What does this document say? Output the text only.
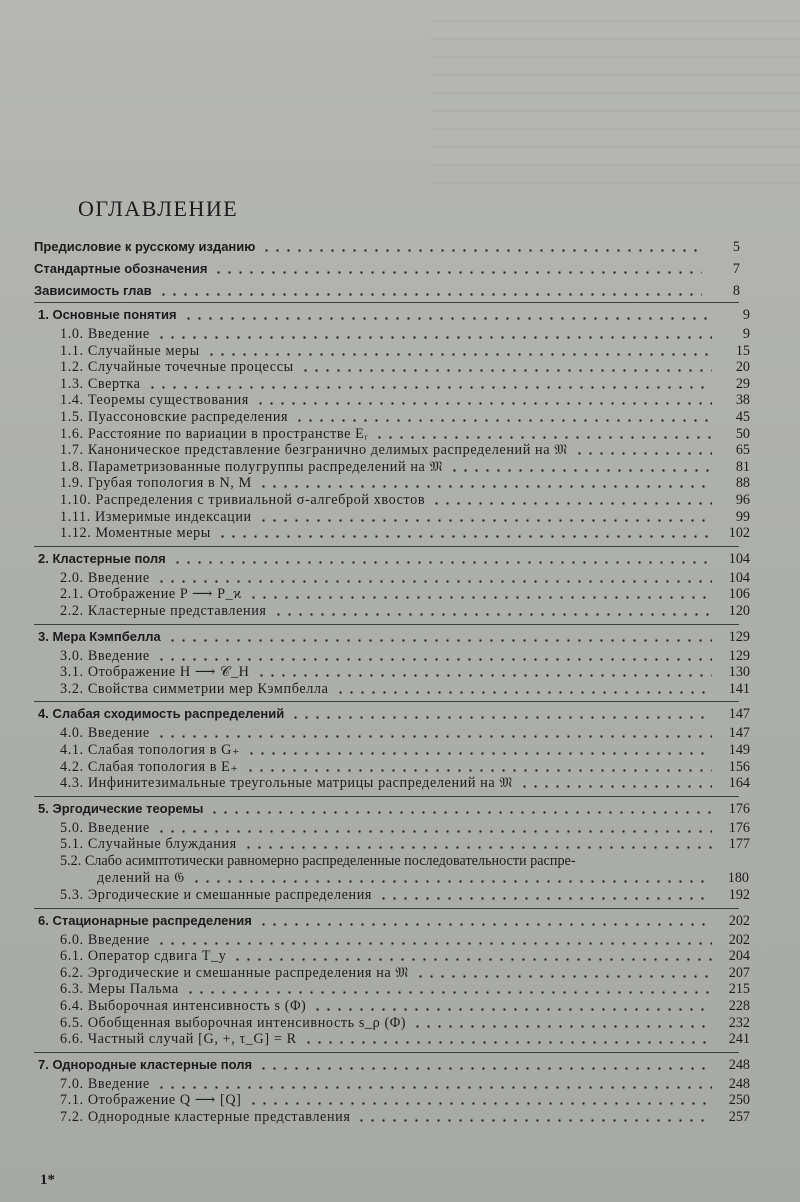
ОГЛАВЛЕНИЕ
Предисловие к русскому изданию	5
Стандартные обозначения	7
Зависимость глав	8
1. Основные понятия	9
1.0. Введение	9
1.1. Случайные меры	15
1.2. Случайные точечные процессы	20
1.3. Свертка	29
1.4. Теоремы существования	38
1.5. Пуассоновские распределения	45
1.6. Расстояние по вариации в пространстве Eᵣ	50
1.7. Каноническое представление безгранично делимых распределений на 𝔐	65
1.8. Параметризованные полугруппы распределений на 𝔐	81
1.9. Грубая топология в N, M	88
1.10. Распределения с тривиальной σ-алгеброй хвостов	96
1.11. Измеримые индексации	99
1.12. Моментные меры	102
2. Кластерные поля	104
2.0. Введение	104
2.1. Отображение P ⟶ P_ϰ	106
2.2. Кластерные представления	120
3. Мера Кэмпбелла	129
3.0. Введение	129
3.1. Отображение H ⟶ 𝒞_H	130
3.2. Свойства симметрии мер Кэмпбелла	141
4. Слабая сходимость распределений	147
4.0. Введение	147
4.1. Слабая топология в G₊	149
4.2. Слабая топология в E₊	156
4.3. Инфинитезимальные треугольные матрицы распределений на 𝔐	164
5. Эргодические теоремы	176
5.0. Введение	176
5.1. Случайные блуждания	177
5.2. Слабо асимптотически равномерно распределенные последовательности распре-
делений на 𝔊	180
5.3. Эргодические и смешанные распределения	192
6. Стационарные распределения	202
6.0. Введение	202
6.1. Оператор сдвига T_y	204
6.2. Эргодические и смешанные распределения на 𝔐	207
6.3. Меры Пальма	215
6.4. Выборочная интенсивность s (Φ)	228
6.5. Обобщенная выборочная интенсивность s_ρ (Φ)	232
6.6. Частный случай [G, +, τ_G] = R	241
7. Однородные кластерные поля	248
7.0. Введение	248
7.1. Отображение Q ⟶ [Q]	250
7.2. Однородные кластерные представления	257
1*
